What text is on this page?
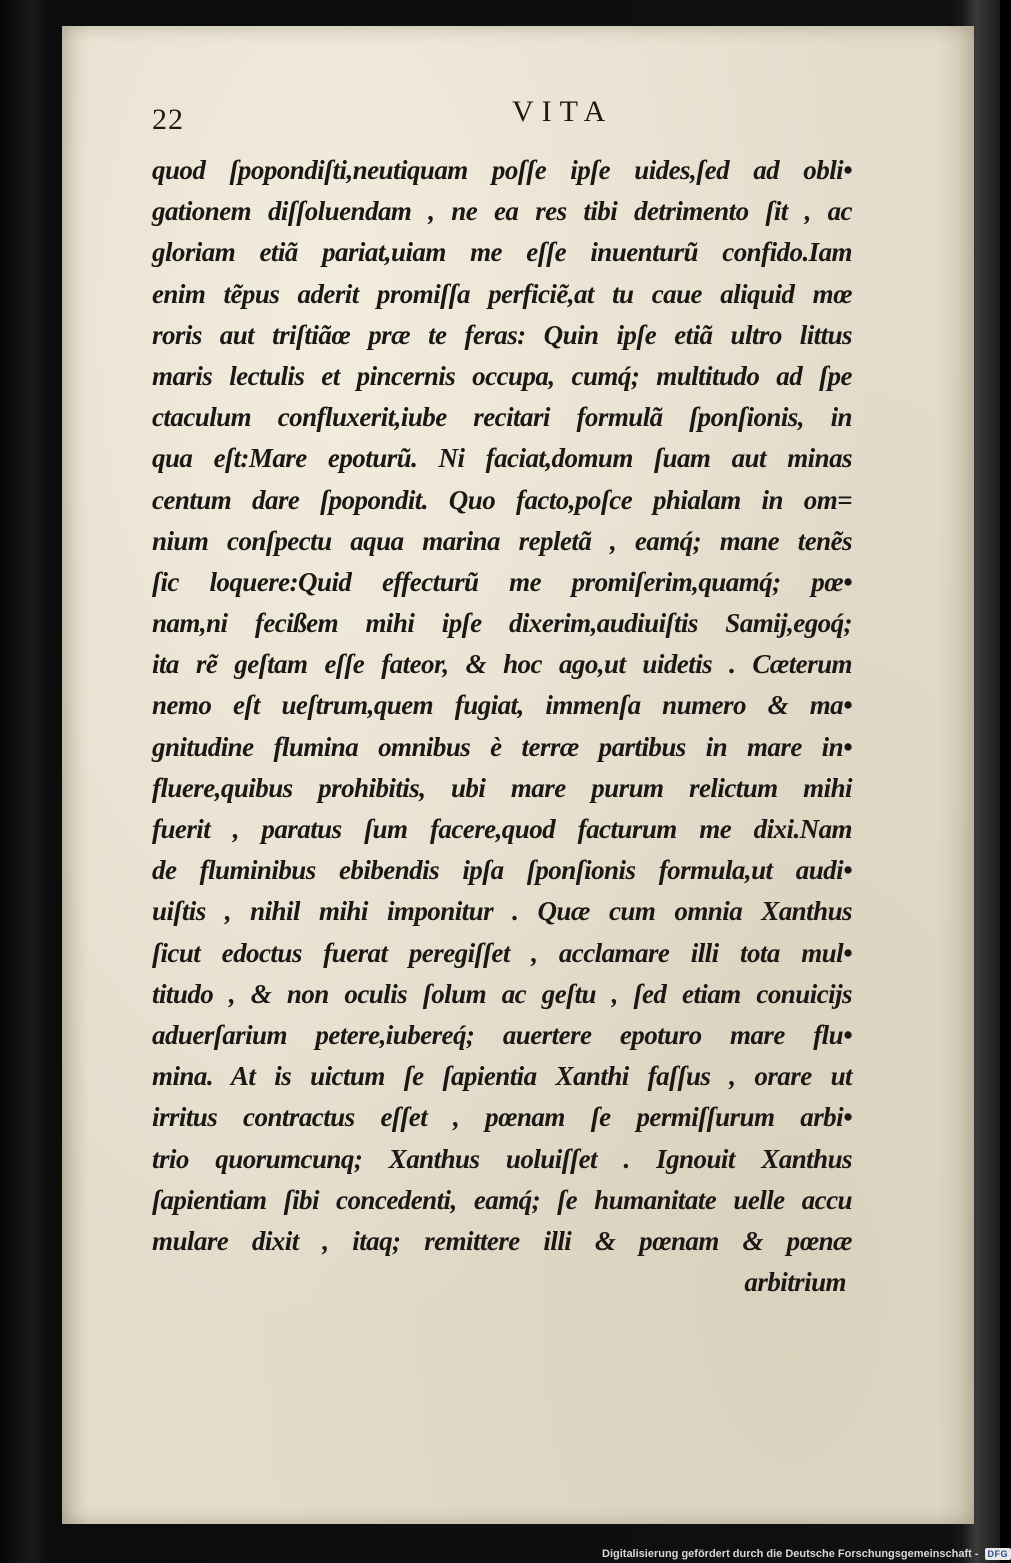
22	VITA
quod ſpopondiſti,neutiquam poſſe ipſe uides,ſed ad obli•
gationem diſſoluendam , ne ea res tibi detrimento ſit , ac
gloriam etiã pariat,uiam me eſſe inuenturũ confido.Iam
enim tẽpus aderit promiſſa perficiẽ,at tu caue aliquid mœ
roris aut triſtiãœ præ te feras: Quin ipſe etiã ultro littus
maris lectulis et pincernis occupa, cumq́; multitudo ad ſpe
ctaculum confluxerit,iube recitari formulã ſponſionis, in
qua eſt:Mare epoturũ. Ni faciat,domum ſuam aut minas
centum dare ſpopondit. Quo facto,poſce phialam in om=
nium conſpectu aqua marina repletã , eamq́; mane tenẽs
ſic loquere:Quid effecturũ me promiſerim,quamq́; pœ•
nam,ni fecißem mihi ipſe dixerim,audiuiſtis Samij,egoq́;
ita rẽ geſtam eſſe fateor, & hoc ago,ut uidetis . Cæterum
nemo eſt ueſtrum,quem fugiat, immenſa numero & ma•
gnitudine flumina omnibus è terræ partibus in mare in•
fluere,quibus prohibitis, ubi mare purum relictum mihi
fuerit , paratus ſum facere,quod facturum me dixi.Nam
de fluminibus ebibendis ipſa ſponſionis formula,ut audi•
uiſtis , nihil mihi imponitur . Quæ cum omnia Xanthus
ſicut edoctus fuerat peregiſſet , acclamare illi tota mul•
titudo , & non oculis ſolum ac geſtu , ſed etiam conuicijs
aduerſarium petere,iubereq́; auertere epoturo mare flu•
mina. At is uictum ſe ſapientia Xanthi faſſus , orare ut
irritus contractus eſſet , pœnam ſe permiſſurum arbi•
trio quorumcunq; Xanthus uoluiſſet . Ignouit Xanthus
ſapientiam ſibi concedenti, eamq́; ſe humanitate uelle accu
mulare dixit , itaq; remittere illi & pœnam & pœnæ
arbitrium
Digitalisierung gefördert durch die Deutsche Forschungsgemeinschaft - DFG
